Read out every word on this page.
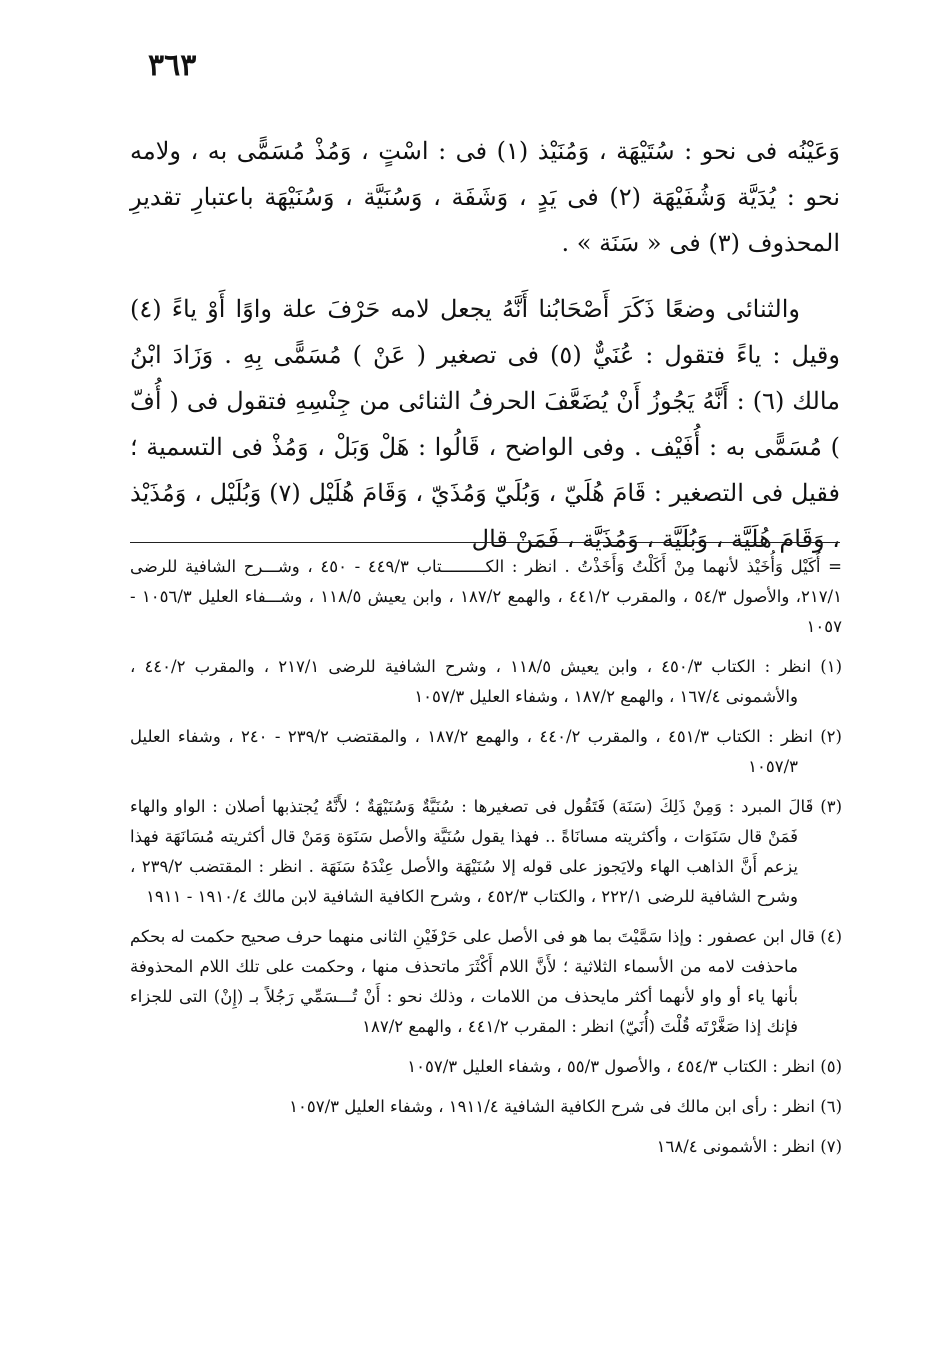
٣٦٣

وَعَيْنُه فى نحو : سُتَيْهَة ، وَمُنَيْذ (١) فى : اسْتٍ ، وَمُذْ مُسَمًّى به ، ولامه نحو : يُدَيَّة وَشُفَيْهَة (٢) فى يَدٍ ، وَشَفَة ، وَسُنَيَّة ، وَسُنَيْهَة باعتبارِ تقديرِ المحذوف (٣) فى « سَنَة » .

والثنائى وضعًا ذَكَرَ أَصْحَابُنا أَنَّهُ يجعل لامه حَرْفَ علة واوًا أَوْ ياءً (٤) وقيل : ياءً فتقول : عُنَيٌّ (٥) فى تصغير ( عَنْ ) مُسَمًّى بِهِ . وَزَادَ ابْنُ مالك (٦) : أَنَّهُ يَجُوزُ أَنْ يُضَعَّفَ الحرفُ الثنائى من جِنْسِهِ فتقول فى ( أُفّ ) مُسَمًّى به : أُفَيْف . وفى الواضح ، قَالُوا : هَلْ وَبَلْ ، وَمُذْ فى التسمية ؛ فقيل فى التصغير : قَامَ هُلَيّ ، وَبُلَيّ وَمُذَيّ ، وَقَامَ هُلَيْل (٧) وَبُلَيْل ، وَمُذَيْذ ، وَقَامَ هُلَيَّة ، وَبُلَيَّة ، وَمُذَيَّة ، فَمَنْ قال

= أُكَيْل وَأُخَيْذ لأنهما مِنْ أَكَلْتُ وَأَخَذْتُ . انظر : الكـــــــــتاب ٤٤٩/٣ - ٤٥٠ ، وشـــرح الشافية للرضى ٢١٧/١، والأصول ٥٤/٣ ، والمقرب ٤٤١/٢ ، والهمع ١٨٧/٢ ، وابن يعيش ١١٨/٥ ، وشـــفاء العليل ١٠٥٦/٣ - ١٠٥٧

(١) انظر : الكتاب ٤٥٠/٣ ، وابن يعيش ١١٨/٥ ، وشرح الشافية للرضى ٢١٧/١ ، والمقرب ٤٤٠/٢ ، والأشمونى ١٦٧/٤ ، والهمع ١٨٧/٢ ، وشفاء العليل ١٠٥٧/٣

(٢) انظر : الكتاب ٤٥١/٣ ، والمقرب ٤٤٠/٢ ، والهمع ١٨٧/٢ ، والمقتضب ٢٣٩/٢ - ٢٤٠ ، وشفاء العليل ١٠٥٧/٣

(٣) قَالَ المبرد : وَمِنْ ذَلِكَ (سَنَة) فَتَقُول فى تصغيرها : سُنَيَّةٌ وَسُنَيْهَةٌ ؛ لأَنَّهُ يُجتذبها أصلان : الواو والهاء فَمَنْ قال سَنَوَات ، وأكثريته مسانَاةً .. فهذا يقول سُنَيَّة والأصل سَنَوَة وَمَنْ قال أكثريته مُسَانَهَة فهذا يزعم أَنَّ الذاهب الهاء ولايَجوز على قوله إلا سُنَيْهَة والأصل عِنْدَهُ سَنَهَة . انظر : المقتضب ٢٣٩/٢ ، وشرح الشافية للرضى ٢٢٢/١ ، والكتاب ٤٥٢/٣ ، وشرح الكافية الشافية لابن مالك ١٩١٠/٤ - ١٩١١

(٤) قال ابن عصفور : وإذا سَمَّيْتَ بما هو فى الأصل على حَرْفَيْنِ الثانى منهما حرف صحيح حكمت له بحكم ماحذفت لامه من الأسماء الثلاثية ؛ لأَنَّ اللام أَكْثَرَ ماتحذف منها ، وحكمت على تلك اللام المحذوفة بأنها ياء أو واو لأنهما أكثر مايحذف من اللامات ، وذلك نحو : أَنْ تُـــسَمِّي رَجُلاً بـ (إِنْ) التى للجزاء فإنك إذا صَغَّرْتَه قُلْتَ (أُنَيّ) انظر : المقرب ٤٤١/٢ ، والهمع ١٨٧/٢

(٥) انظر : الكتاب ٤٥٤/٣ ، والأصول ٥٥/٣ ، وشفاء العليل ١٠٥٧/٣

(٦) انظر : رأى ابن مالك فى شرح الكافية الشافية ١٩١١/٤ ، وشفاء العليل ١٠٥٧/٣

(٧) انظر : الأشمونى ١٦٨/٤
